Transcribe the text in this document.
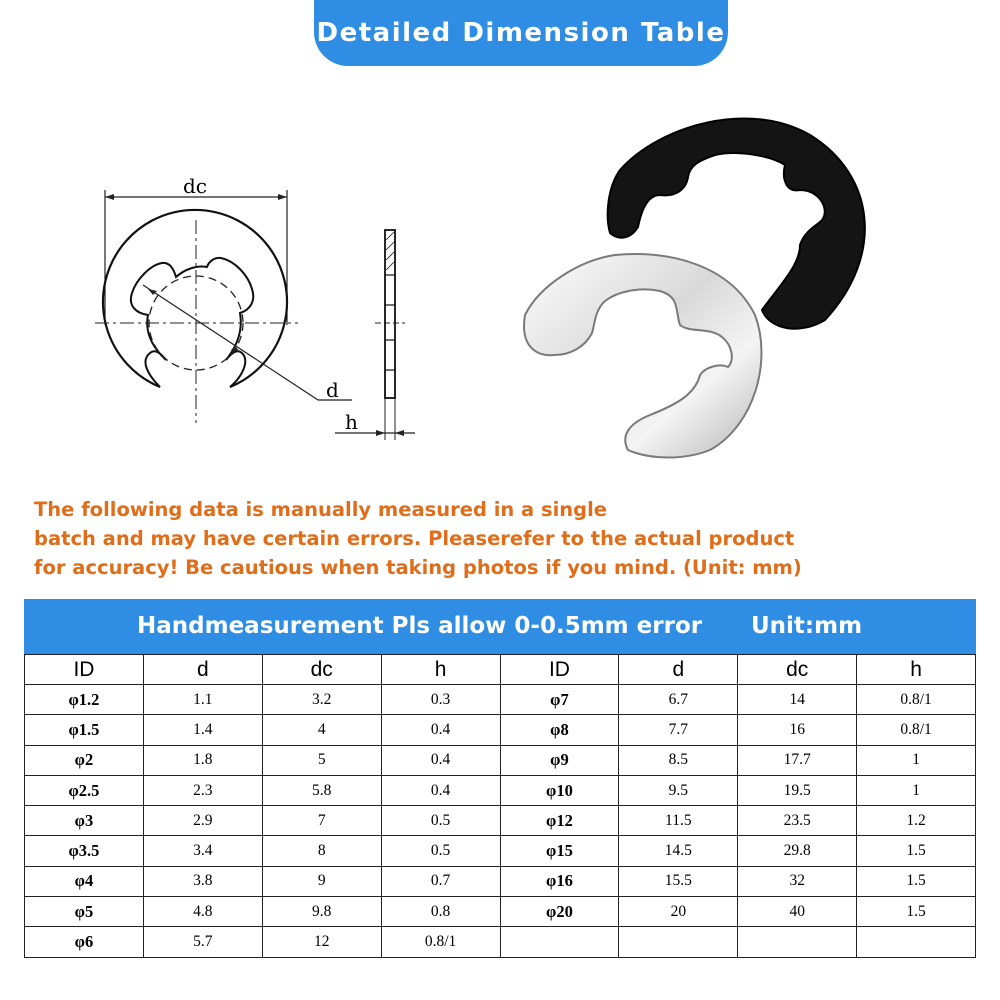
Detailed Dimension Table
dc
d
h
The following data is manually measured in a single
batch and may have certain errors. Pleaserefer to the actual product
for accuracy! Be cautious when taking photos if you mind. (Unit: mm)
Handmeasurement Pls allow 0-0.5mm error Unit:mm
ID	d	dc	h	ID	d	dc	h
φ1.2	1.1	3.2	0.3	φ7	6.7	14	0.8/1
φ1.5	1.4	4	0.4	φ8	7.7	16	0.8/1
φ2	1.8	5	0.4	φ9	8.5	17.7	1
φ2.5	2.3	5.8	0.4	φ10	9.5	19.5	1
φ3	2.9	7	0.5	φ12	11.5	23.5	1.2
φ3.5	3.4	8	0.5	φ15	14.5	29.8	1.5
φ4	3.8	9	0.7	φ16	15.5	32	1.5
φ5	4.8	9.8	0.8	φ20	20	40	1.5
φ6	5.7	12	0.8/1				
